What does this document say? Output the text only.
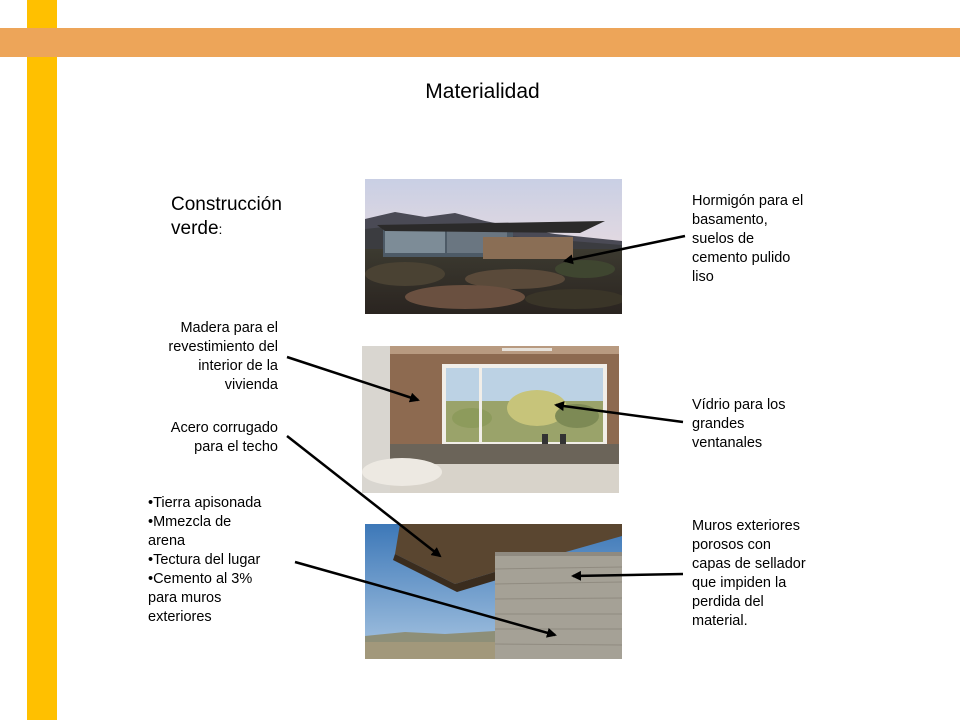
Materialidad
Construcción
verde:
Hormigón para el
basamento,
suelos de
cemento pulido
liso
Madera para el
revestimiento del
interior de la
vivienda
Acero corrugado
para el techo
Vídrio para los
grandes
ventanales
•Tierra apisonada
•Mmezcla de
arena
•Tectura del lugar
•Cemento al 3%
para muros
exteriores
Muros exteriores
porosos con
capas de sellador
que impiden la
perdida del
material.
